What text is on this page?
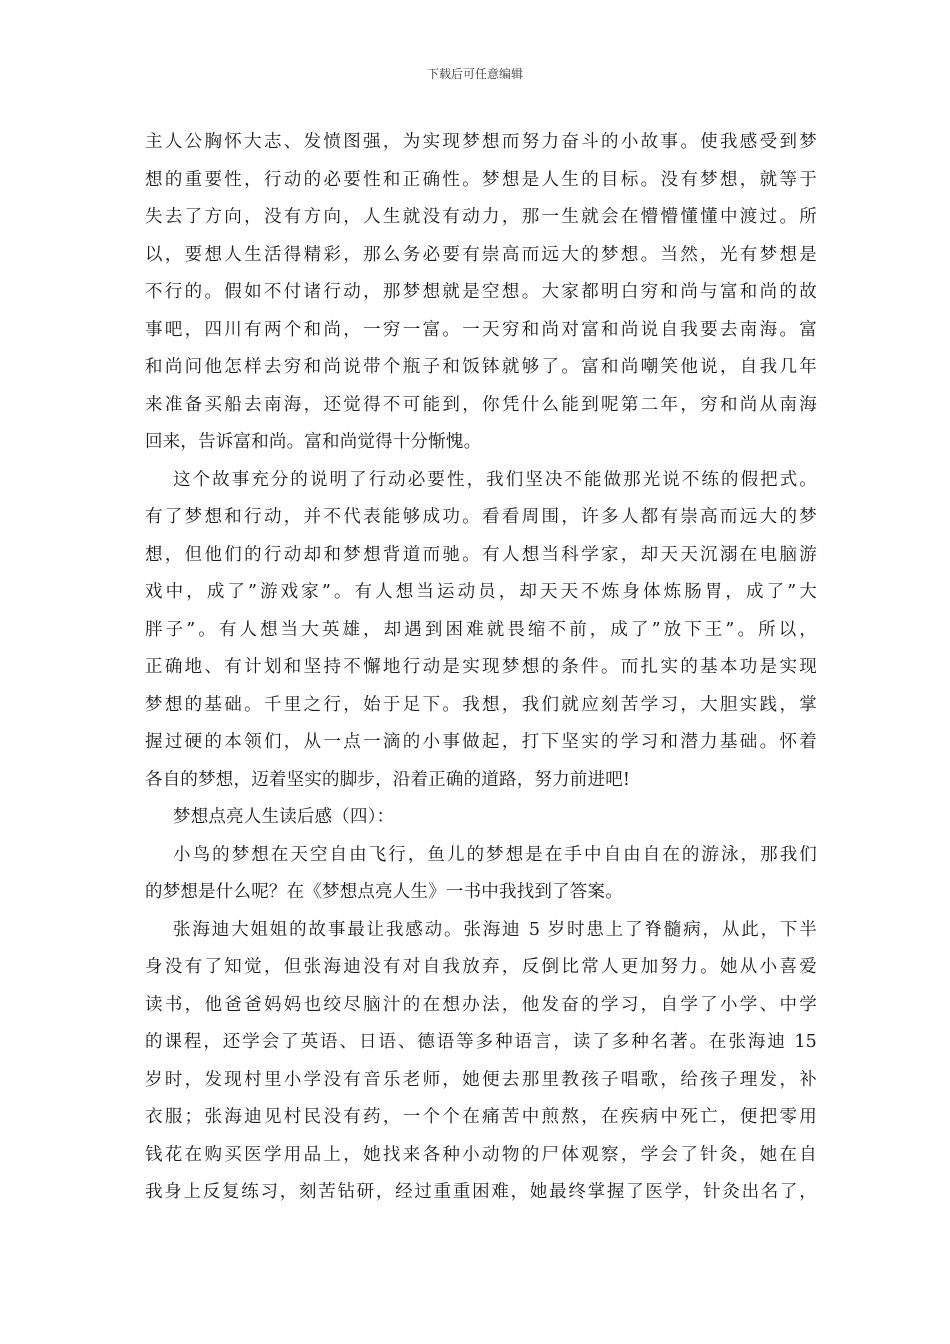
下载后可任意编辑
主人公胸怀大志、发愤图强，为实现梦想而努力奋斗的小故事。使我感受到梦
想的重要性，行动的必要性和正确性。梦想是人生的目标。没有梦想，就等于
失去了方向，没有方向，人生就没有动力，那一生就会在懵懵懂懂中渡过。所
以，要想人生活得精彩，那么务必要有崇高而远大的梦想。当然，光有梦想是
不行的。假如不付诸行动，那梦想就是空想。大家都明白穷和尚与富和尚的故
事吧，四川有两个和尚，一穷一富。一天穷和尚对富和尚说自我要去南海。富
和尚问他怎样去穷和尚说带个瓶子和饭钵就够了。富和尚嘲笑他说，自我几年
来准备买船去南海，还觉得不可能到，你凭什么能到呢第二年，穷和尚从南海
回来，告诉富和尚。富和尚觉得十分惭愧。
这个故事充分的说明了行动必要性，我们坚决不能做那光说不练的假把式。
有了梦想和行动，并不代表能够成功。看看周围，许多人都有崇高而远大的梦
想，但他们的行动却和梦想背道而驰。有人想当科学家，却天天沉溺在电脑游
戏中，成了”游戏家”。有人想当运动员，却天天不炼身体炼肠胃，成了”大
胖子”。有人想当大英雄，却遇到困难就畏缩不前，成了”放下王”。所以，
正确地、有计划和坚持不懈地行动是实现梦想的条件。而扎实的基本功是实现
梦想的基础。千里之行，始于足下。我想，我们就应刻苦学习，大胆实践，掌
握过硬的本领们，从一点一滴的小事做起，打下坚实的学习和潜力基础。怀着
各自的梦想，迈着坚实的脚步，沿着正确的道路，努力前进吧!
梦想点亮人生读后感（四）：
小鸟的梦想在天空自由飞行，鱼儿的梦想是在手中自由自在的游泳，那我们
的梦想是什么呢？在《梦想点亮人生》一书中我找到了答案。
张海迪大姐姐的故事最让我感动。张海迪 5 岁时患上了脊髓病，从此，下半
身没有了知觉，但张海迪没有对自我放弃，反倒比常人更加努力。她从小喜爱
读书，他爸爸妈妈也绞尽脑汁的在想办法，他发奋的学习，自学了小学、中学
的课程，还学会了英语、日语、德语等多种语言，读了多种名著。在张海迪 15
岁时，发现村里小学没有音乐老师，她便去那里教孩子唱歌，给孩子理发，补
衣服；张海迪见村民没有药，一个个在痛苦中煎熬，在疾病中死亡，便把零用
钱花在购买医学用品上，她找来各种小动物的尸体观察，学会了针灸，她在自
我身上反复练习，刻苦钻研，经过重重困难，她最终掌握了医学，针灸出名了，
